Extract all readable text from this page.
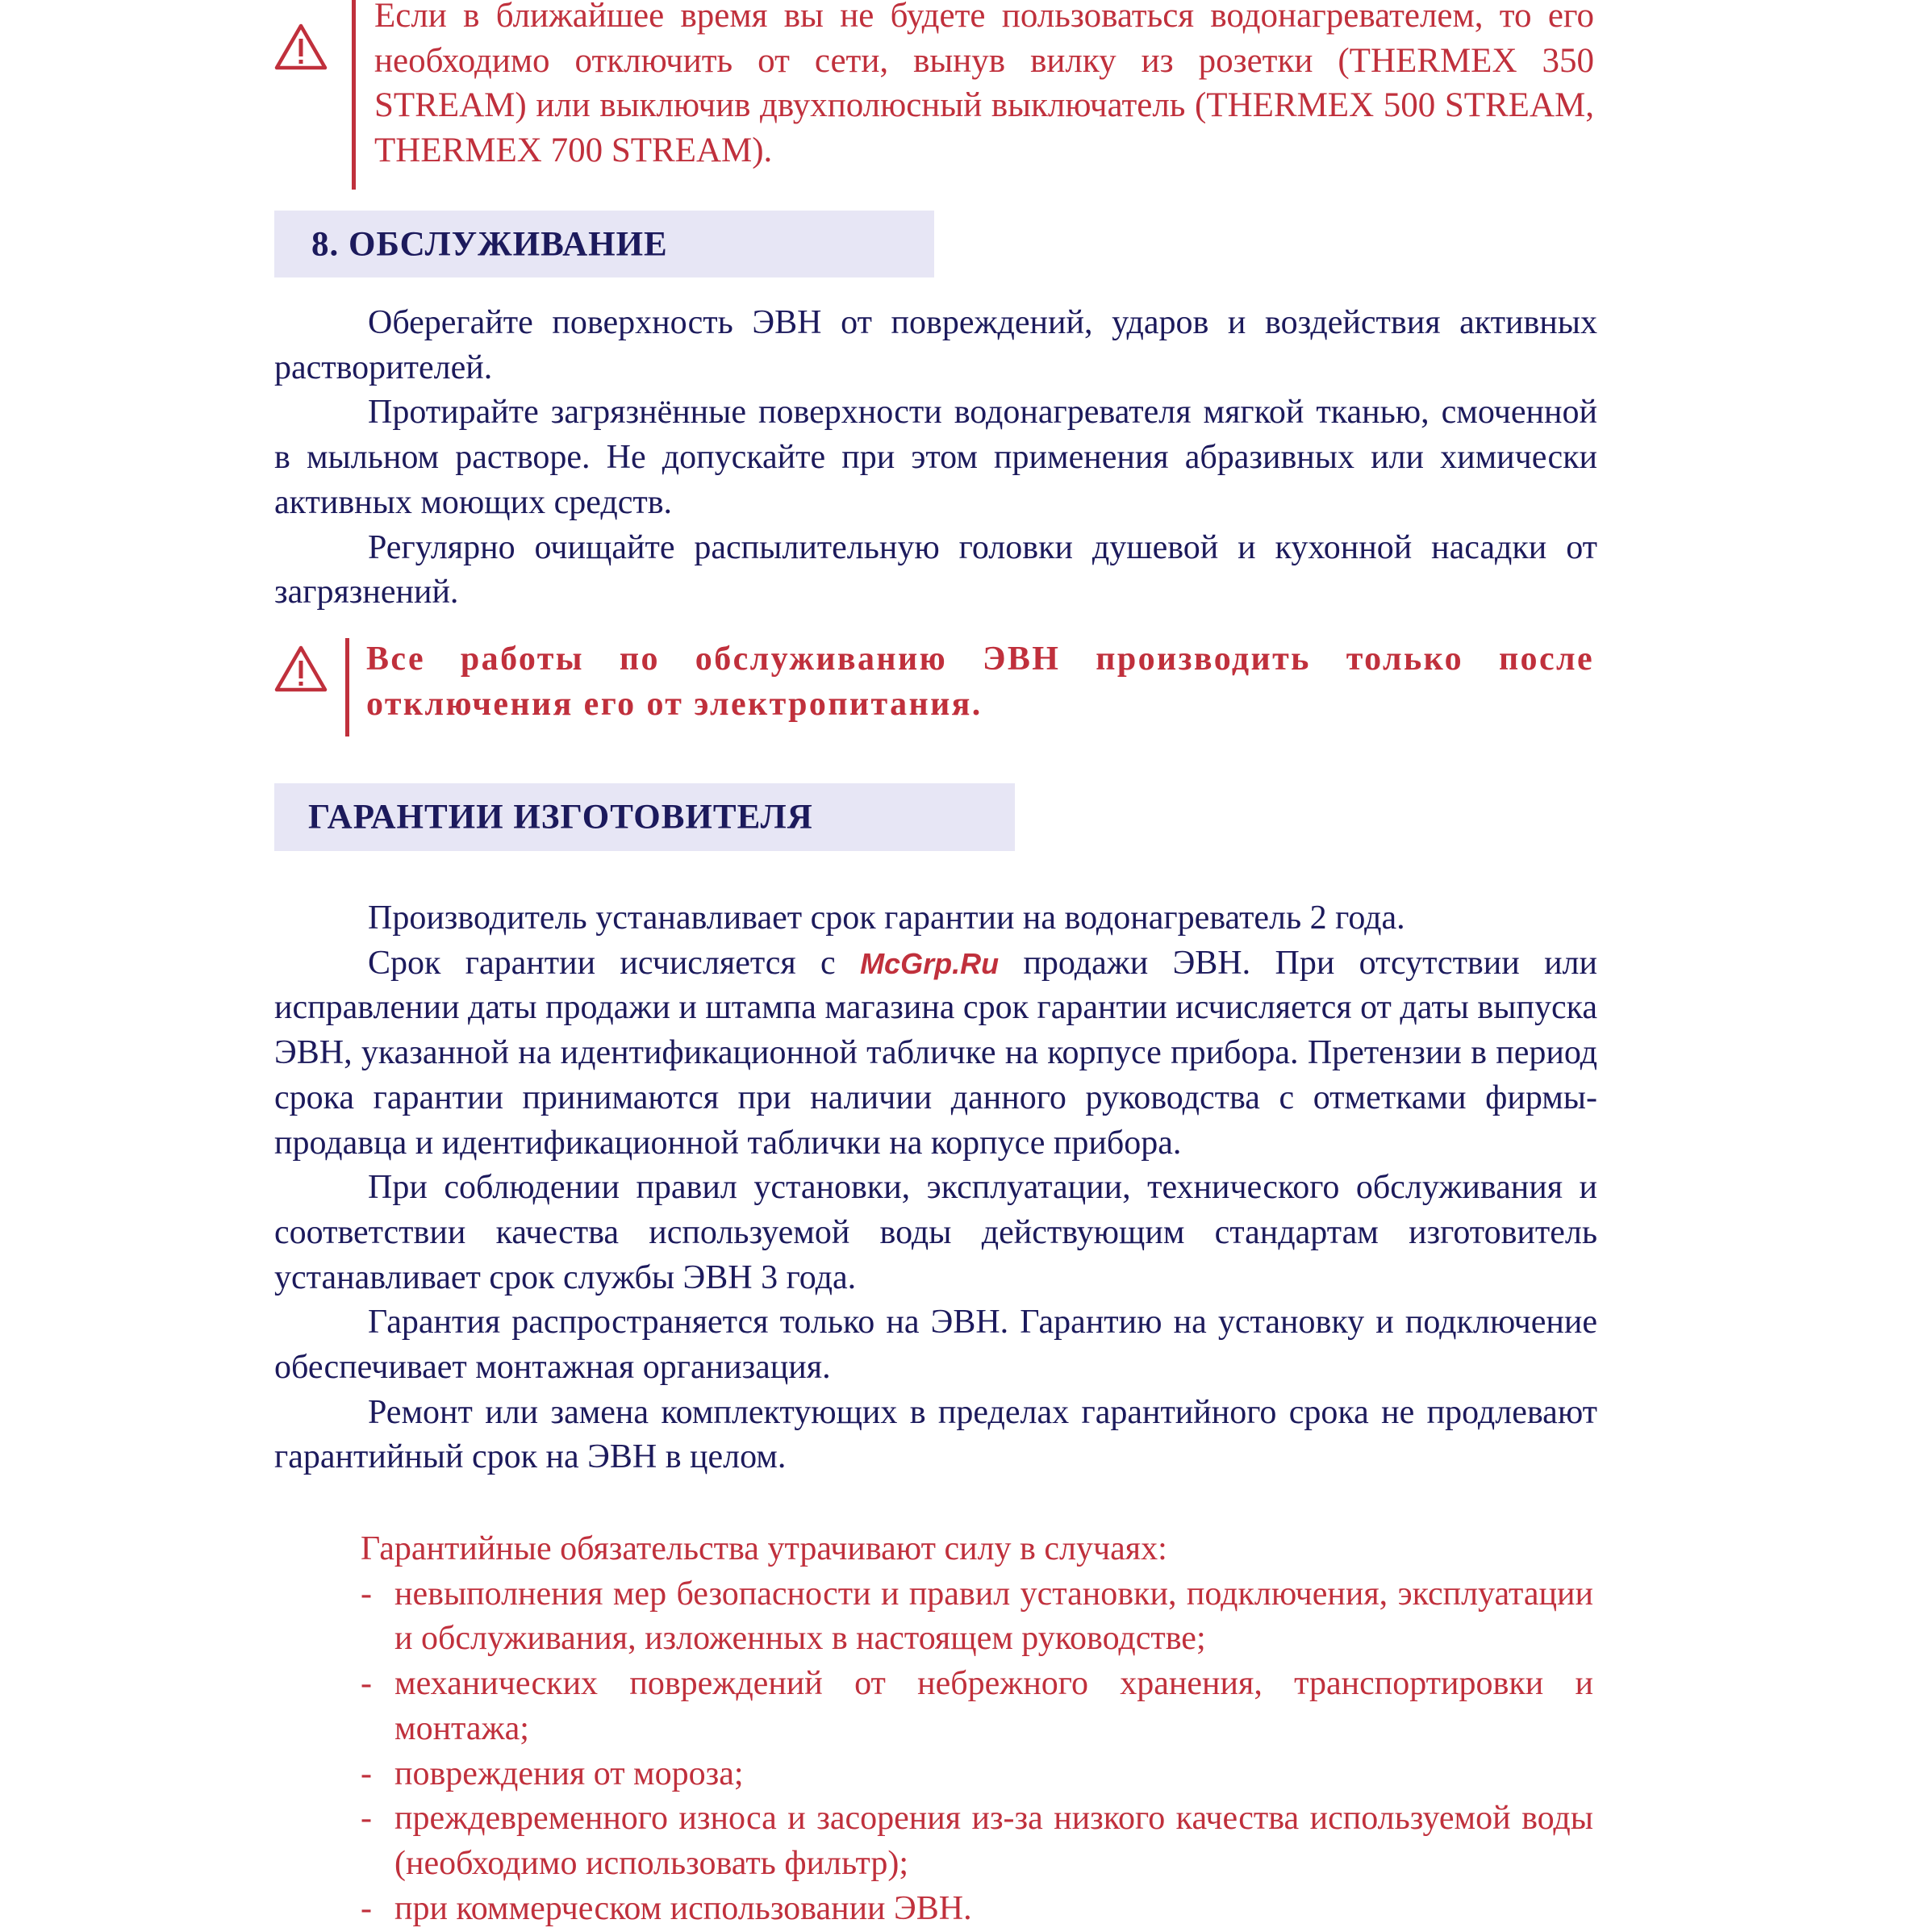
Если в ближайшее время вы не будете пользоваться водонагревателем, то его необходимо отключить от сети, вынув вилку из розетки (THERMEX 350 STREAM) или выключив двухполюсный выключатель (THERMEX 500 STREAM, THERMEX 700 STREAM).
8. ОБСЛУЖИВАНИЕ

Оберегайте поверхность ЭВН от повреждений, ударов и воздействия активных растворителей.

Протирайте загрязнённые поверхности водонагревателя мягкой тканью, смоченной в мыльном растворе. Не допускайте при этом применения абразивных или химически активных моющих средств.

Регулярно очищайте распылительную головки душевой и кухонной насадки от загрязнений.

Все работы по обслуживанию ЭВН производить только после отключения его от электропитания.
ГАРАНТИИ ИЗГОТОВИТЕЛЯ

Производитель устанавливает срок гарантии на водонагреватель 2 года.

Срок гарантии исчисляется с McGrp.Ru продажи ЭВН. При отсутствии или исправлении даты продажи и штампа магазина срок гарантии исчисляется от даты выпуска ЭВН, указанной на идентификационной табличке на корпусе прибора. Претензии в период срока гарантии принимаются при наличии данного руководства с отметками фирмы-продавца и идентификационной таблички на корпусе прибора.

При соблюдении правил установки, эксплуатации, технического обслуживания и соответствии качества используемой воды действующим стандартам изготовитель устанавливает срок службы ЭВН 3 года.

Гарантия распространяется только на ЭВН. Гарантию на установку и подключение обеспечивает монтажная организация.

Ремонт или замена комплектующих в пределах гарантийного срока не продлевают гарантийный срок на ЭВН в целом.

Гарантийные обязательства утрачивают силу в случаях:

- невыполнения мер безопасности и правил установки, подключения, эксплуатации и обслуживания, изложенных в настоящем руководстве;
- механических повреждений от небрежного хранения, транспортировки и монтажа;
- повреждения от мороза;
- преждевременного износа и засорения из-за низкого качества используемой воды (необходимо использовать фильтр);
- при коммерческом использовании ЭВН.
